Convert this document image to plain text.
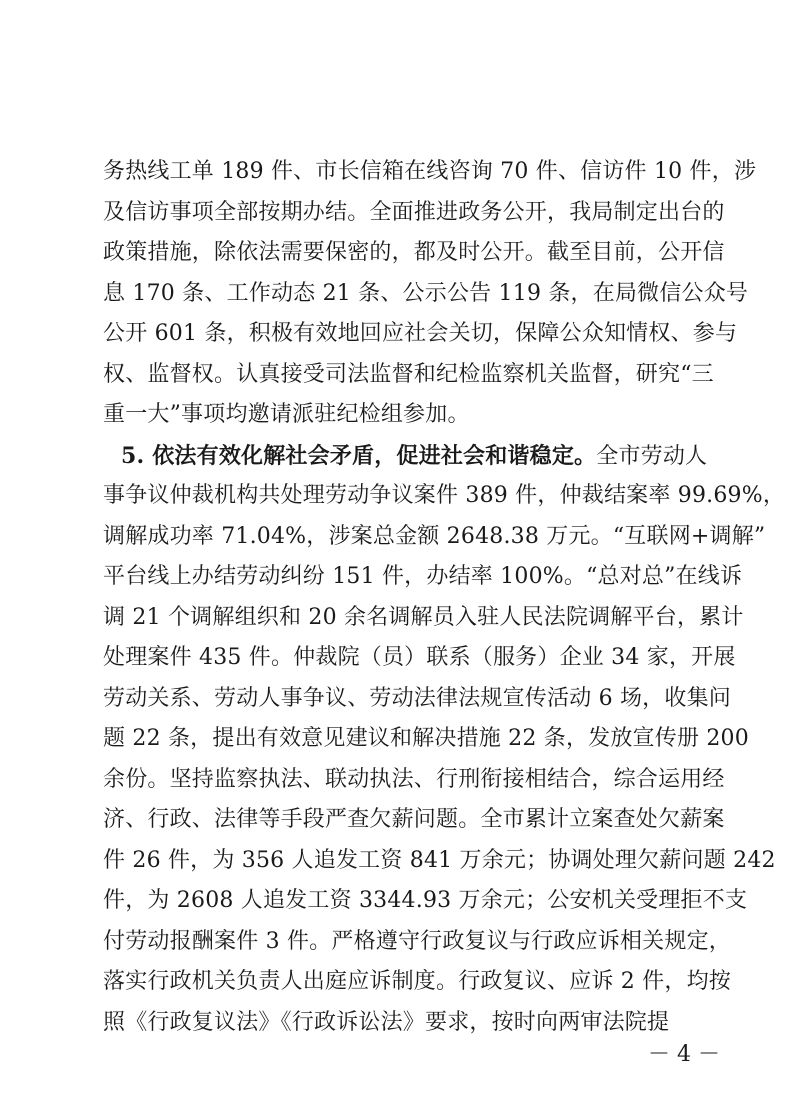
务热线工单 189 件、市长信箱在线咨询 70 件、信访件 10 件，涉
及信访事项全部按期办结。全面推进政务公开，我局制定出台的
政策措施，除依法需要保密的，都及时公开。截至目前，公开信
息 170 条、工作动态 21 条、公示公告 119 条，在局微信公众号
公开 601 条，积极有效地回应社会关切，保障公众知情权、参与
权、监督权。认真接受司法监督和纪检监察机关监督，研究“三
重一大”事项均邀请派驻纪检组参加。
5. 依法有效化解社会矛盾，促进社会和谐稳定。全市劳动人
事争议仲裁机构共处理劳动争议案件 389 件，仲裁结案率 99.69%，
调解成功率 71.04%，涉案总金额 2648.38 万元。“互联网+调解”
平台线上办结劳动纠纷 151 件，办结率 100%。“总对总”在线诉
调 21 个调解组织和 20 余名调解员入驻人民法院调解平台，累计
处理案件 435 件。仲裁院（员）联系（服务）企业 34 家，开展
劳动关系、劳动人事争议、劳动法律法规宣传活动 6 场，收集问
题 22 条，提出有效意见建议和解决措施 22 条，发放宣传册 200
余份。坚持监察执法、联动执法、行刑衔接相结合，综合运用经
济、行政、法律等手段严查欠薪问题。全市累计立案查处欠薪案
件 26 件，为 356 人追发工资 841 万余元；协调处理欠薪问题 242
件，为 2608 人追发工资 3344.93 万余元；公安机关受理拒不支
付劳动报酬案件 3 件。严格遵守行政复议与行政应诉相关规定，
落实行政机关负责人出庭应诉制度。行政复议、应诉 2 件，均按
照《行政复议法》《行政诉讼法》要求，按时向两审法院提
－ 4 －
